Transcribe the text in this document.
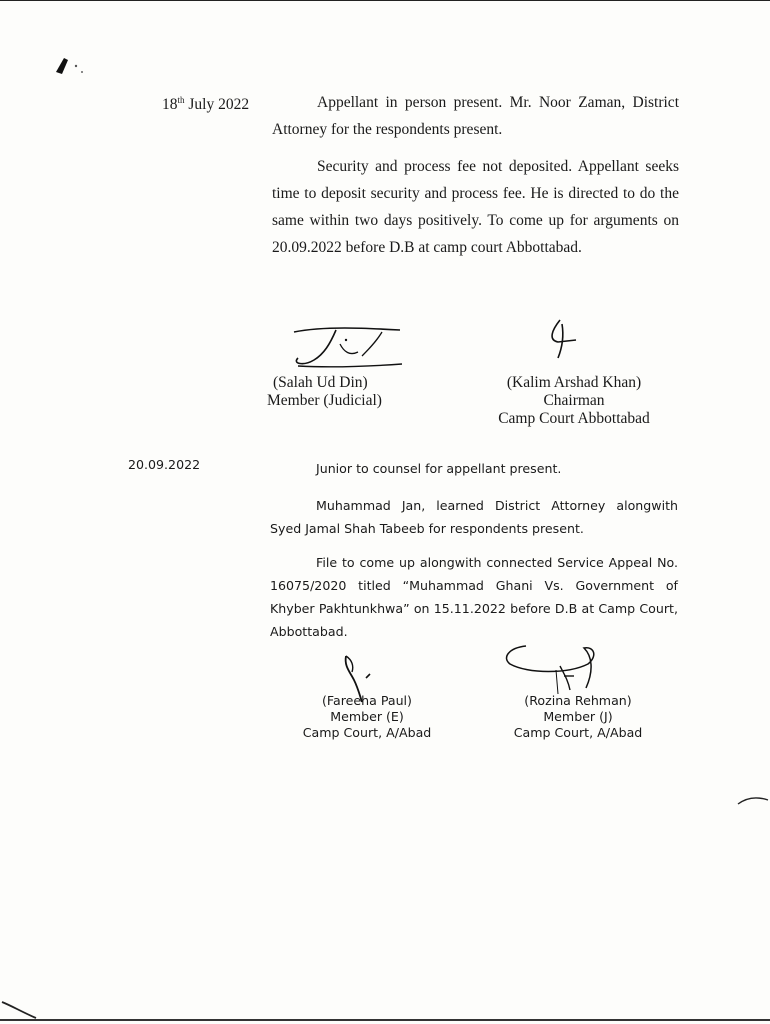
18th July 2022	Appellant in person present. Mr. Noor Zaman, District Attorney for the respondents present.
Security and process fee not deposited. Appellant seeks time to deposit security and process fee. He is directed to do the same within two days positively. To come up for arguments on 20.09.2022 before D.B at camp court Abbottabad.
(Salah Ud Din)
Member (Judicial)
(Kalim Arshad Khan)
Chairman
Camp Court Abbottabad
20.09.2022	Junior to counsel for appellant present.
Muhammad Jan, learned District Attorney alongwith Syed Jamal Shah Tabeeb for respondents present.
File to come up alongwith connected Service Appeal No. 16075/2020 titled “Muhammad Ghani Vs. Government of Khyber Pakhtunkhwa” on 15.11.2022 before D.B at Camp Court, Abbottabad.
(Fareeha Paul)
Member (E)
Camp Court, A/Abad
(Rozina Rehman)
Member (J)
Camp Court, A/Abad
